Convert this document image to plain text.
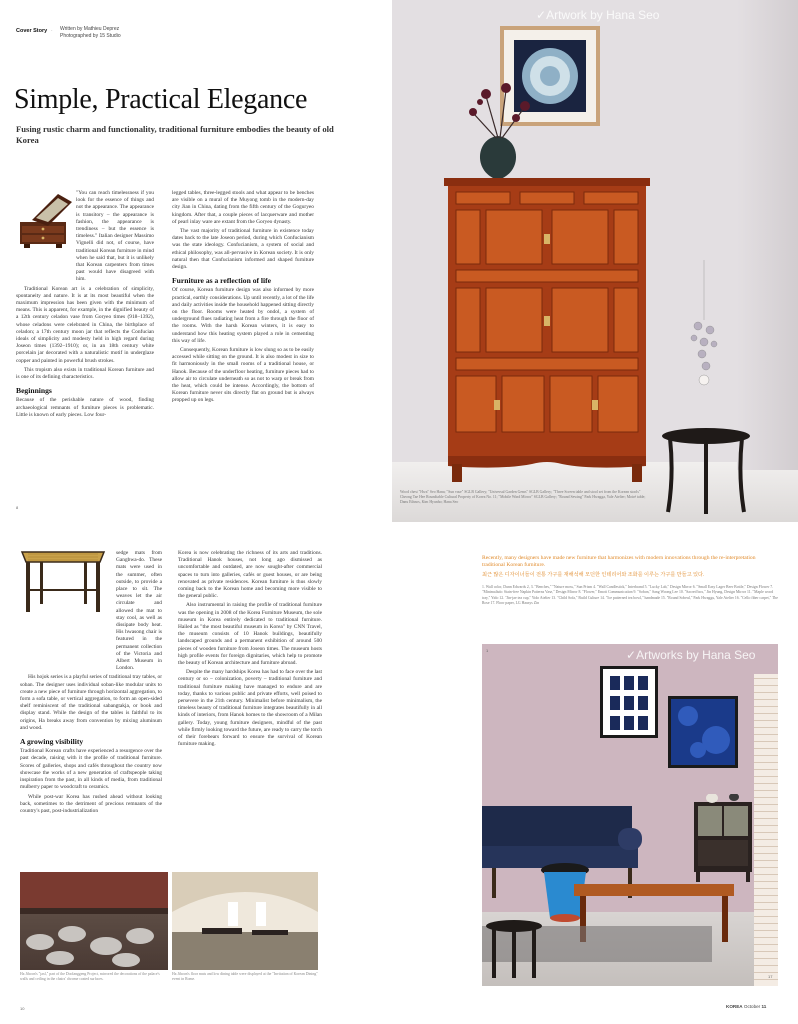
Cover Story · Written by Mathieu Deprez
Photographed by 15 Studio
Simple, Practical Elegance
Fusing rustic charm and functionality, traditional furniture embodies the beauty of old Korea

"You can reach timelessness if you look for the essence of things and not the appearance. The appearance is transitory – the appearance is fashion, the appearance is trendiness – but the essence is timeless." Italian designer Massimo Vignelli did not, of course, have traditional Korean furniture in mind when he said that, but it is unlikely that Korean carpenters from times past would have disagreed with him.

Traditional Korean art is a celebration of simplicity, spontaneity and nature. It is at its most beautiful when the maximum impression has been given with the minimum of means. This is apparent, for example, in the dignified beauty of a 12th century celadon vase from Goryeo times (918–1392), whose celadons were celebrated in China, the birthplace of celadon; a 17th century moon jar that reflects the Confucian ideals of simplicity and modesty held in high regard during Joseon times (1392–1910); or, in an 18th century white porcelain jar decorated with a naturalistic motif in underglaze copper and painted in powerful brush strokes.

This tropism also exists in traditional Korean furniture and is one of its defining characteristics.

Beginnings

Because of the perishable nature of wood, finding archaeological remnants of furniture pieces is problematic. Little is known of early pieces. Low four-

legged tables, three-legged stools and what appear to be benches are visible on a mural of the Muyong tomb in the modern-day city Jian in China, dating from the fifth century of the Goguryeo kingdom. After that, a couple pieces of lacquerware and mother of pearl inlay ware are extant from the Goryeo dynasty.

The vast majority of traditional furniture in existence today dates back to the late Joseon period, during which Confucianism was the state ideology. Confucianism, a system of social and ethical philosophy, was all-pervasive in Korean society. It is only natural then that Confucianism informed and shaped furniture design.

Furniture as a reflection of life

Of course, Korean furniture design was also informed by more practical, earthly considerations. Up until recently, a lot of the life and daily activities inside the household happened sitting directly on the floor. Rooms were heated by ondol, a system of underground flues radiating heat from a fire through the floor of the rooms. With the harsh Korean winters, it is easy to understand how this heating system played a role in cementing this way of life.

Consequently, Korean furniture is low slung so as to be easily accessed while sitting on the ground. It is also modest in size to fit harmoniously in the small rooms of a traditional house, or Hanok. Because of the underfloor heating, furniture pieces had to allow air to circulate underneath so as not to warp or break from the heat, which could be intense. Accordingly, the bottom of Korean furniture never sits directly flat on ground but is always propped up on legs.

8
✓Artwork by Hana Seo
Wood chest "Hwa" Seo Hana; "Sun vase" SGLB Gallery; "Universal Garden Gems" SGLB Gallery; "Three Screen table and stool set from the Korean stools" Cheong Tae Hee Roundtable Cultural Property of Korea No. 11; "Mobile Wind Mirror" SGLB Gallery; "Round Sewing" Park Hwagga, Yale Atelier; Moiré table; Danu Ethnos, Kim Hyunho; Hana Seo

sedge mats from Gangbwa-do. These mats were used in the summer, often outside, to provide a place to sit. The weaves let the air circulate and allowed the mat to stay cool, as well as dissipate body heat. His hwasong chair is featured in the permanent collection of the Victoria and Albert Museum in London.

His hojok series is a playful series of traditional tray tables, or soban. The designer uses individual soban-like modular units to create a new piece of furniture through horizontal aggregation, to form a sofa table, or vertical aggregation, to form an open-sided shelf reminiscent of the traditional sabangtakja, or book and display stand. While the design of the tables is faithful to its origins, Ha breaks away from convention by mixing aluminum and wood.

A growing visibility

Traditional Korean crafts have experienced a resurgence over the past decade, raising with it the profile of traditional furniture. Scores of galleries, shops and cafés throughout the country now showcase the works of a new generation of craftspeople taking inspiration from the past, in all kinds of media, from traditional mulberry paper to woodcraft to ceramics.

While post-war Korea has rushed ahead without looking back, sometimes to the detriment of precious remnants of the country's past, post-industrialization

Korea is now celebrating the richness of its arts and traditions. Traditional Hanok houses, not long ago dismissed as uncomfortable and outdated, are now sought-after commercial spaces to turn into galleries, cafés or guest houses, or are being renovated as private residences. Korean furniture is thus slowly coming back to the Korean home and becoming more visible to the general public.

Also instrumental in raising the profile of traditional furniture was the opening in 2008 of the Korea Furniture Museum, the sole museum in Korea entirely dedicated to traditional furniture. Hailed as "the most beautiful museum in Korea" by CNN Travel, the museum consists of 10 Hanok buildings, beautifully landscaped grounds and a permanent exhibition of around 500 pieces of wooden furniture from Joseon times. The museum hosts high profile events for foreign dignitaries, which help to promote the beauty of Korean architecture and furniture abroad.

Despite the many hardships Korea has had to face over the last century or so – colonization, poverty – traditional furniture and traditional furniture making have managed to endure and are today, thanks to various public and private efforts, well poised to persevere in the 21th century. Minimalist before minimalism, the timeless beauty of traditional furniture integrates beautifully in all kinds of interiors, from Hanok homes to the showroom of a Milan gallery. Today, young furniture designers, mindful of the past while firmly looking toward the future, are ready to carry the torch of their forebears forward to ensure the survival of Korean furniture making.

Ha Jihoon's "jaxl," part of the Doolanggeng Project, mirrored the decorations of the palace's walls and ceiling in the chairs' chrome coated surfaces.
Ha Jihoon's floor mats and low dining table were displayed at the "Invitation of Korean Dining" event in Rome.
10
Recently, many designers have made new furniture that harmonizes with modern innovations through the re-interpretation traditional Korean furniture.
최근 많은 디자이너들이 전통 가구를 재해석해 모던한 인테리어와 조화를 이루는 가구를 만들고 있다.
1. Wall color, Dunn Edwards 2, 3. "Benches," "Nature moss," Sun Prism 4. "Wall Candlestick," Interbrand 5. "Lucky Lab," Design Mirror 6. "Small Easy Lager Beer Bottle," Design Flower 7. "Minimalistic Stain-free Napkin Patterns Vase," Design Mirror 8. "Flower," Emoti Communication 9. "Sobon," Sang Woong Lee 10. "Sacred box," Jin Hyung, Design Mirror 11. "Maple wood tray," Yido 12. "Jin-jae tea cup," Yido Atelier 13. "Child Sofa," Build Culture 14. "Ice patterned tea bowl," handmade 15. "Round Sobeul," Park Hwaggu, Yale Atelier 16. "Cello fiber carpet," The Rose 17. Floor paper, LG Hausys Zin
✓Artworks by Hana Seo
1
17
KOREA October 11
